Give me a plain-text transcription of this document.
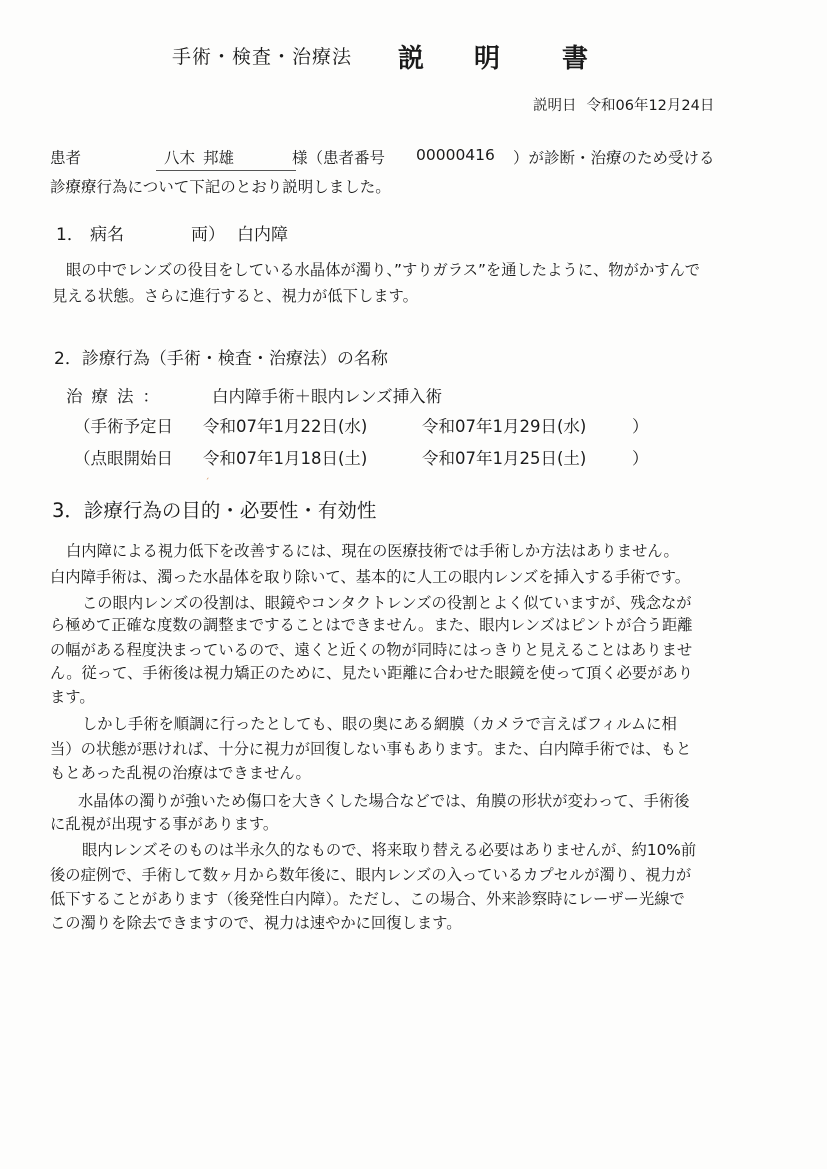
手術・検査・治療法 説 明 書
説明日 令和06年12月24日
患者	八木 邦雄	様（患者番号 00000416 ）が診断・治療のため受ける
診療療行為について下記のとおり説明しました。
1． 病名	両） 白内障
眼の中でレンズの役目をしている水晶体が濁り、”すりガラス”を通したように、物がかすんで
見える状態。さらに進行すると、視力が低下します。
2．診療行為（手術・検査・治療法）の名称
治療法：	白内障手術＋眼内レンズ挿入術
（手術予定日 令和07年1月22日(水)	令和07年1月29日(水)	）
（点眼開始日 令和07年1月18日(土)	令和07年1月25日(土)	）
´
3．診療行為の目的・必要性・有効性
白内障による視力低下を改善するには、現在の医療技術では手術しか方法はありません。
白内障手術は、濁った水晶体を取り除いて、基本的に人工の眼内レンズを挿入する手術です。
この眼内レンズの役割は、眼鏡やコンタクトレンズの役割とよく似ていますが、残念なが
ら極めて正確な度数の調整まですることはできません。また、眼内レンズはピントが合う距離
の幅がある程度決まっているので、遠くと近くの物が同時にはっきりと見えることはありませ
ん。従って、手術後は視力矯正のために、見たい距離に合わせた眼鏡を使って頂く必要があり
ます。
しかし手術を順調に行ったとしても、眼の奥にある網膜（カメラで言えばフィルムに相
当）の状態が悪ければ、十分に視力が回復しない事もあります。また、白内障手術では、もと
もとあった乱視の治療はできません。
水晶体の濁りが強いため傷口を大きくした場合などでは、角膜の形状が変わって、手術後
に乱視が出現する事があります。
眼内レンズそのものは半永久的なもので、将来取り替える必要はありませんが、約10%前
後の症例で、手術して数ヶ月から数年後に、眼内レンズの入っているカプセルが濁り、視力が
低下することがあります（後発性白内障）。ただし、この場合、外来診察時にレーザー光線で
この濁りを除去できますので、視力は速やかに回復します。
